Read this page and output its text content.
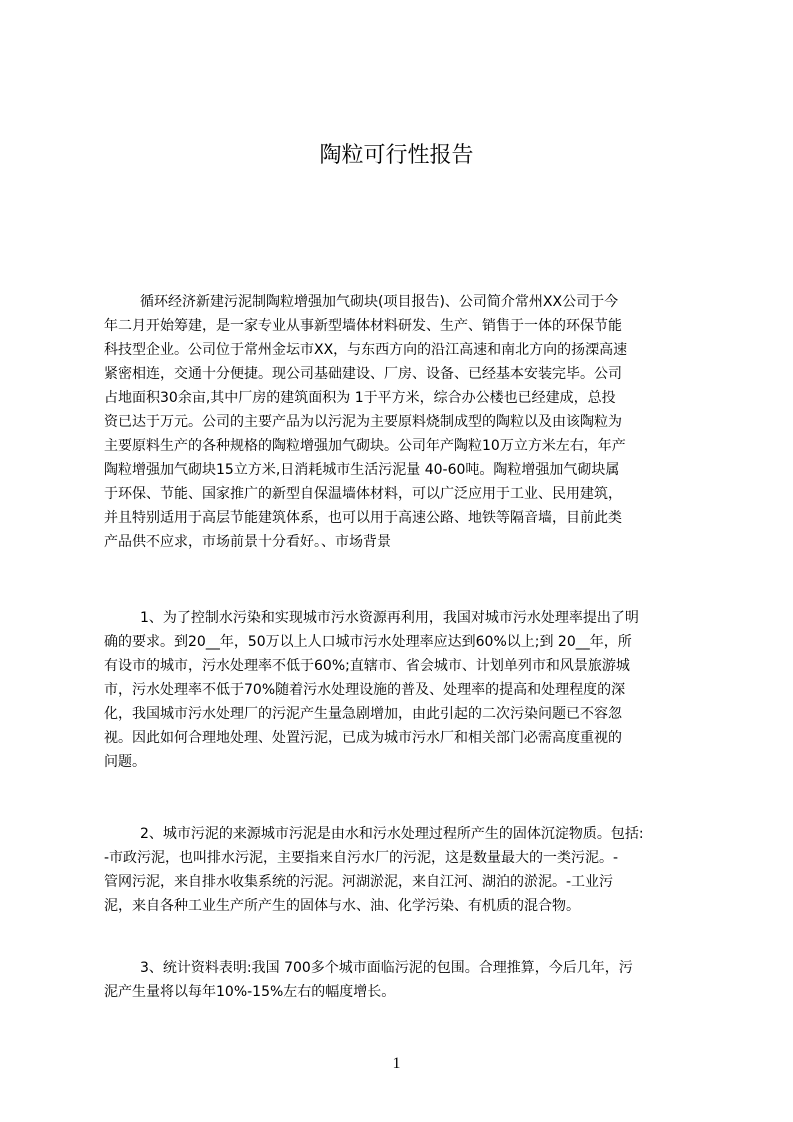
陶粒可行性报告
循环经济新建污泥制陶粒增强加气砌块(项目报告)、公司简介常州XX公司于今
年二月开始筹建，是一家专业从事新型墙体材料研发、生产、销售于一体的环保节能
科技型企业。公司位于常州金坛市XX，与东西方向的沿江高速和南北方向的扬溧高速
紧密相连，交通十分便捷。现公司基础建设、厂房、设备、已经基本安装完毕。公司
占地面积30余亩,其中厂房的建筑面积为 1于平方米，综合办公楼也已经建成，总投
资已达于万元。公司的主要产品为以污泥为主要原料烧制成型的陶粒以及由该陶粒为
主要原料生产的各种规格的陶粒增强加气砌块。公司年产陶粒10万立方米左右，年产
陶粒增强加气砌块15立方米,日消耗城市生活污泥量 40-60吨。陶粒增强加气砌块属
于环保、节能、国家推广的新型自保温墙体材料，可以广泛应用于工业、民用建筑，
并且特别适用于高层节能建筑体系，也可以用于高速公路、地铁等隔音墙，目前此类
产品供不应求，市场前景十分看好。、市场背景
1、为了控制水污染和实现城市污水资源再利用，我国对城市污水处理率提出了明
确的要求。到20__年，50万以上人口城市污水处理率应达到60%以上;到 20__年，所
有设市的城市，污水处理率不低于60%;直辖市、省会城市、计划单列市和风景旅游城
市，污水处理率不低于70%随着污水处理设施的普及、处理率的提高和处理程度的深
化，我国城市污水处理厂的污泥产生量急剧增加，由此引起的二次污染问题已不容忽
视。因此如何合理地处理、处置污泥，已成为城市污水厂和相关部门必需高度重视的
问题。
2、城市污泥的来源城市污泥是由水和污水处理过程所产生的固体沉淀物质。包括:
-市政污泥，也叫排水污泥，主要指来自污水厂的污泥，这是数量最大的一类污泥。-
管网污泥，来自排水收集系统的污泥。河湖淤泥，来自江河、湖泊的淤泥。-工业污
泥，来自各种工业生产所产生的固体与水、油、化学污染、有机质的混合物。
3、统计资料表明:我国 700多个城市面临污泥的包围。合理推算，今后几年，污
泥产生量将以每年10%-15%左右的幅度增长。
1
